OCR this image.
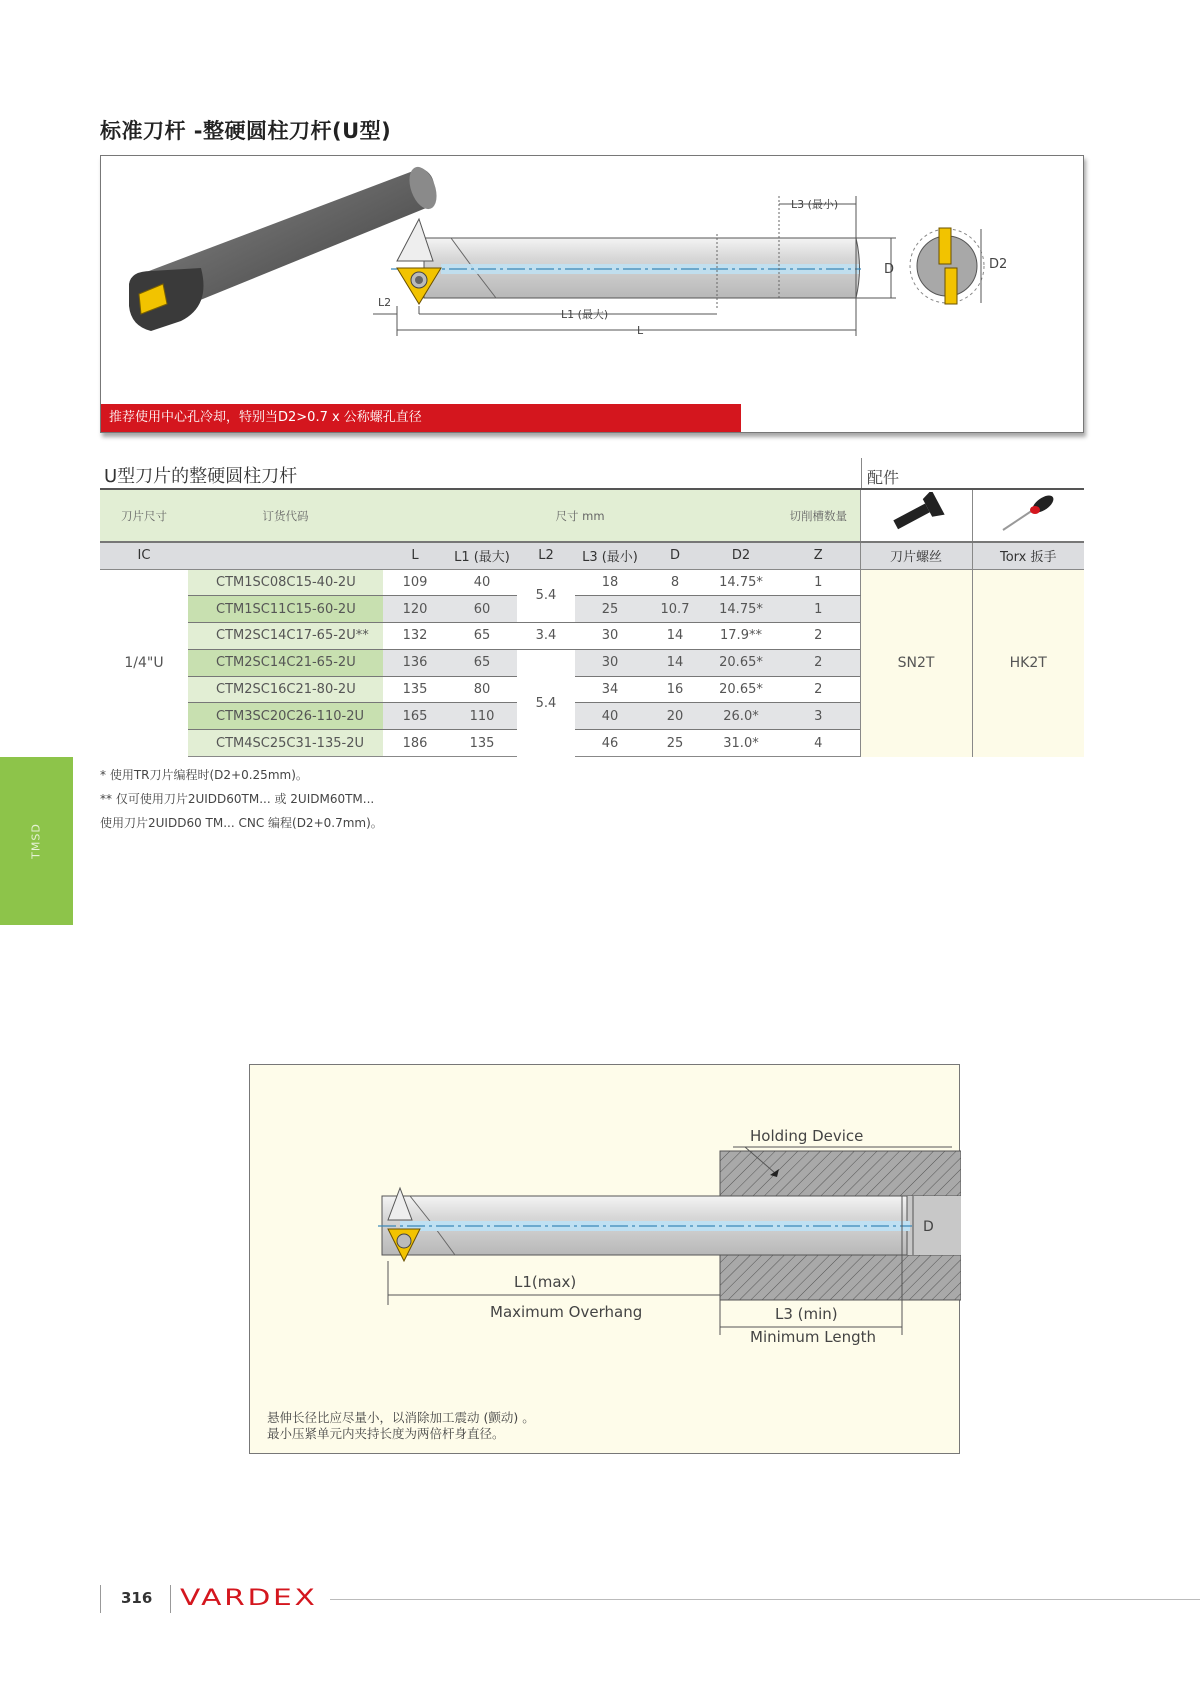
标准刀杆 -整硬圆柱刀杆(U型)
L3 (最小)
L1 (最大)
L
L2
D	D2
推荐使用中心孔冷却，特别当D2>0.7 x 公称螺孔直径
U型刀片的整硬圆柱刀杆	配件
刀片尺寸	订货代码	尺寸 mm						切削槽数量		
IC		L	L1 (最大)	L2	L3 (最小)	D	D2	Z	刀片螺丝	Torx 扳手
1/4"U	CTM1SC08C15-40-2U	109	40	5.4	18	8	14.75*	1	SN2T	HK2T
	CTM1SC11C15-60-2U	120	60		25	10.7	14.75*	1		
	CTM2SC14C17-65-2U**	132	65	3.4	30	14	17.9**	2		
	CTM2SC14C21-65-2U	136	65	5.4	30	14	20.65*	2		
	CTM2SC16C21-80-2U	135	80		34	16	20.65*	2		
	CTM3SC20C26-110-2U	165	110		40	20	26.0*	3		
	CTM4SC25C31-135-2U	186	135		46	25	31.0*	4		
* 使用TR刀片编程时(D2+0.25mm)。
** 仅可使用刀片2UIDD60TM... 或 2UIDM60TM...
使用刀片2UIDD60 TM... CNC 编程(D2+0.7mm)。
TMSD
Holding Device
D
L1(max)
Maximum Overhang	L3 (min)
Minimum Length
悬伸长径比应尽量小，以消除加工震动 (颤动) 。
最小压紧单元内夹持长度为两倍杆身直径。
316 VARDEX
